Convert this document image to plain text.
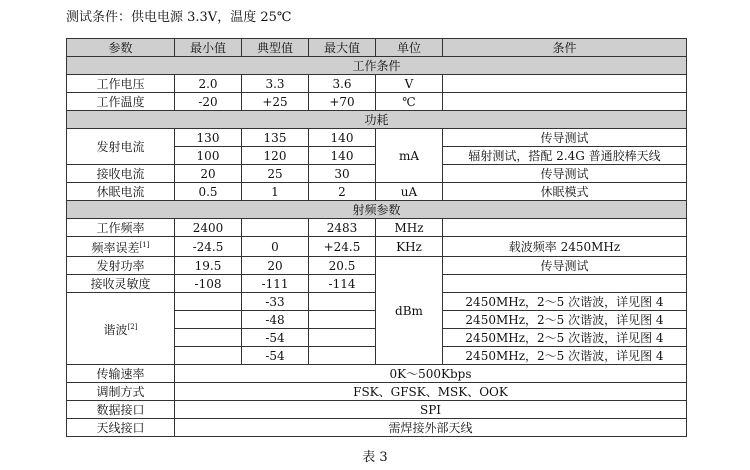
测试条件：供电电源 3.3V，温度 25℃
参数	最小值	典型值	最大值	单位	条件
工作条件					
工作电压	2.0	3.3	3.6	V	
工作温度	-20	+25	+70	℃	
功耗					
发射电流	130	135	140	mA	传导测试
	100	120	140		辐射测试，搭配 2.4G 普通胶棒天线
接收电流	20	25	30		传导测试
休眠电流	0.5	1	2	uA	休眠模式
射频参数					
工作频率	2400		2483	MHz	
频率误差[1]	-24.5	0	+24.5	KHz	载波频率 2450MHz
发射功率	19.5	20	20.5	dBm	传导测试
接收灵敏度	-108	-111	-114		
谐波[2]		-33			2450MHz，2～5 次谐波，详见图 4
		-48			2450MHz，2～5 次谐波，详见图 4
		-54			2450MHz，2～5 次谐波，详见图 4
		-54			2450MHz，2～5 次谐波，详见图 4
传输速率	0K～500Kbps				
调制方式	FSK、GFSK、MSK、OOK				
数据接口	SPI				
天线接口	需焊接外部天线				
表 3
